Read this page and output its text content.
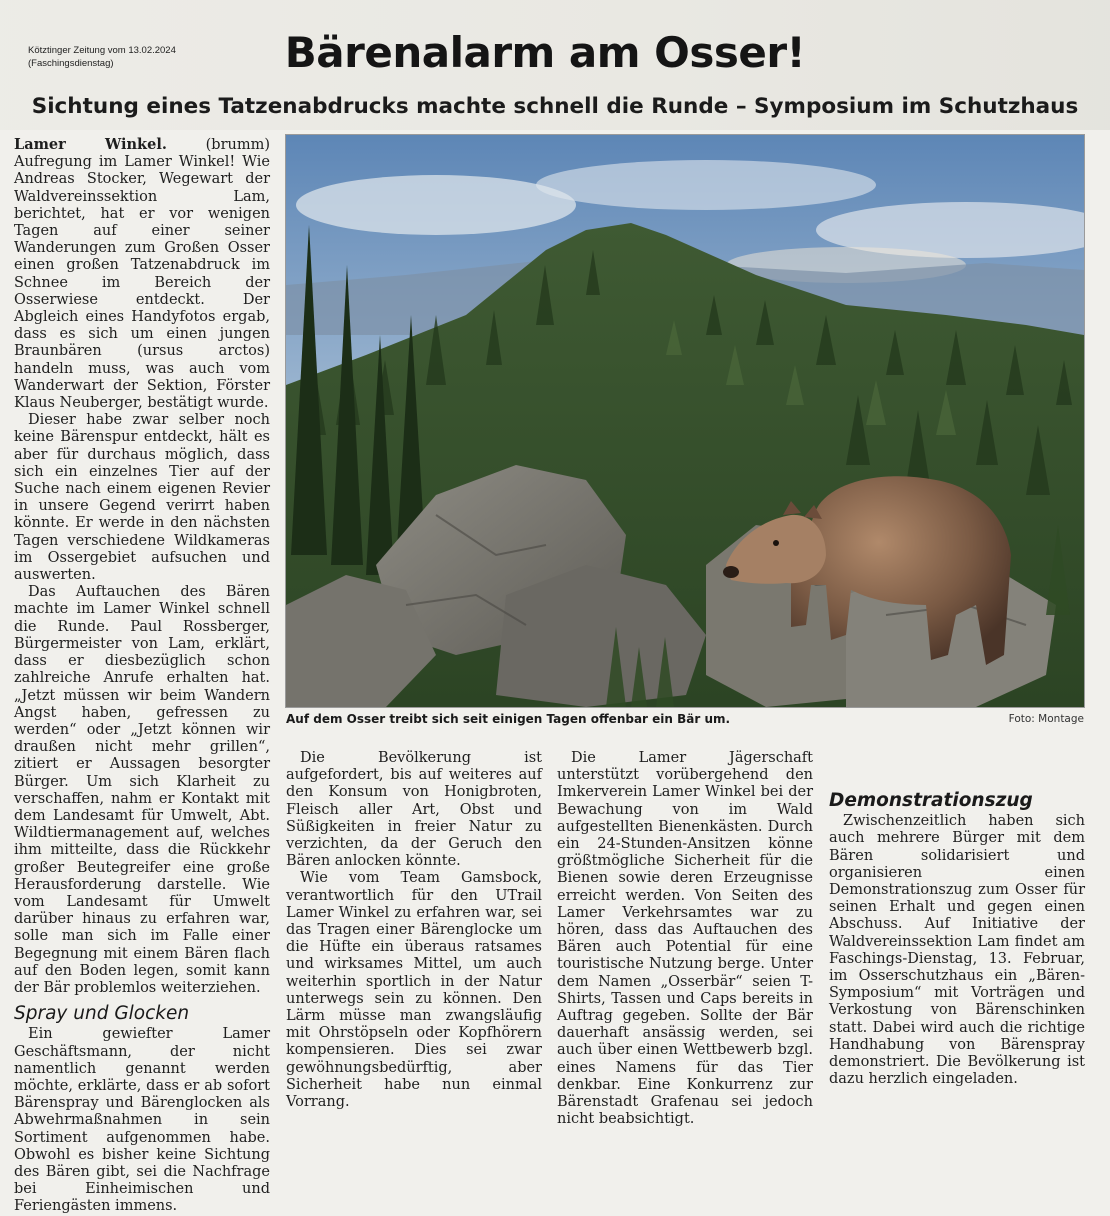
Kötztinger Zeitung vom 13.02.2024
(Faschingsdienstag)	Bärenalarm am Osser!
Sichtung eines Tatzenabdrucks machte schnell die Runde – Symposium im Schutzhaus

Lamer Winkel. (brumm) Aufregung im Lamer Winkel! Wie Andreas Stocker, Wegewart der Waldvereinssektion Lam, berichtet, hat er vor wenigen Tagen auf einer seiner Wanderungen zum Großen Osser einen großen Tatzenabdruck im Schnee im Bereich der Osserwiese entdeckt. Der Abgleich eines Handyfotos ergab, dass es sich um einen jungen Braunbären (ursus arctos) handeln muss, was auch vom Wanderwart der Sektion, Förster Klaus Neuberger, bestätigt wurde.

Dieser habe zwar selber noch keine Bärenspur entdeckt, hält es aber für durchaus möglich, dass sich ein einzelnes Tier auf der Suche nach einem eigenen Revier in unsere Gegend verirrt haben könnte. Er werde in den nächsten Tagen verschiedene Wildkameras im Ossergebiet aufsuchen und auswerten.

Das Auftauchen des Bären machte im Lamer Winkel schnell die Runde. Paul Rossberger, Bürgermeister von Lam, erklärt, dass er diesbezüglich schon zahlreiche Anrufe erhalten hat. „Jetzt müssen wir beim Wandern Angst haben, gefressen zu werden“ oder „Jetzt können wir draußen nicht mehr grillen“, zitiert er Aussagen besorgter Bürger. Um sich Klarheit zu verschaffen, nahm er Kontakt mit dem Landesamt für Umwelt, Abt. Wildtiermanagement auf, welches ihm mitteilte, dass die Rückkehr großer Beutegreifer eine große Herausforderung darstelle. Wie vom Landesamt für Umwelt darüber hinaus zu erfahren war, solle man sich im Falle einer Begegnung mit einem Bären flach auf den Boden legen, somit kann der Bär problemlos weiterziehen.

Spray und Glocken

Ein gewiefter Lamer Geschäftsmann, der nicht namentlich genannt werden möchte, erklärte, dass er ab sofort Bärenspray und Bärenglocken als Abwehrmaßnahmen in sein Sortiment aufgenommen habe. Obwohl es bisher keine Sichtung des Bären gibt, sei die Nachfrage bei Einheimischen und Feriengästen immens.

Auf dem Osser treibt sich seit einigen Tagen offenbar ein Bär um.	Foto: Montage

Die Bevölkerung ist aufgefordert, bis auf weiteres auf den Konsum von Honigbroten, Fleisch aller Art, Obst und Süßigkeiten in freier Natur zu verzichten, da der Geruch den Bären anlocken könnte.

Wie vom Team Gamsbock, verantwortlich für den UTrail Lamer Winkel zu erfahren war, sei das Tragen einer Bärenglocke um die Hüfte ein überaus ratsames und wirksames Mittel, um auch weiterhin sportlich in der Natur unterwegs sein zu können. Den Lärm müsse man zwangsläufig mit Ohrstöpseln oder Kopfhörern kompensieren. Dies sei zwar gewöhnungsbedürftig, aber Sicherheit habe nun einmal Vorrang.

Die Lamer Jägerschaft unterstützt vorübergehend den Imkerverein Lamer Winkel bei der Bewachung von im Wald aufgestellten Bienenkästen. Durch ein 24-Stunden-Ansitzen könne größtmögliche Sicherheit für die Bienen sowie deren Erzeugnisse erreicht werden. Von Seiten des Lamer Verkehrsamtes war zu hören, dass das Auftauchen des Bären auch Potential für eine touristische Nutzung berge. Unter dem Namen „Osserbär“ seien T-Shirts, Tassen und Caps bereits in Auftrag gegeben. Sollte der Bär dauerhaft ansässig werden, sei auch über einen Wettbewerb bzgl. eines Namens für das Tier denkbar. Eine Konkurrenz zur Bärenstadt Grafenau sei jedoch nicht beabsichtigt.

Demonstrationszug

Zwischenzeitlich haben sich auch mehrere Bürger mit dem Bären solidarisiert und organisieren einen Demonstrationszug zum Osser für seinen Erhalt und gegen einen Abschuss. Auf Initiative der Waldvereinssektion Lam findet am Faschings-Dienstag, 13. Februar, im Osserschutzhaus ein „Bären-Symposium“ mit Vorträgen und Verkostung von Bärenschinken statt. Dabei wird auch die richtige Handhabung von Bärenspray demonstriert. Die Bevölkerung ist dazu herzlich eingeladen.
